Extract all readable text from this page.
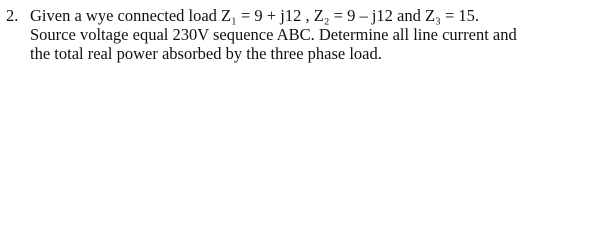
2. Given a wye connected load Z₁ = 9 + j12 , Z₂ = 9 – j12 and Z₃ = 15.
Source voltage equal 230V sequence ABC. Determine all line current and
the total real power absorbed by the three phase load.
